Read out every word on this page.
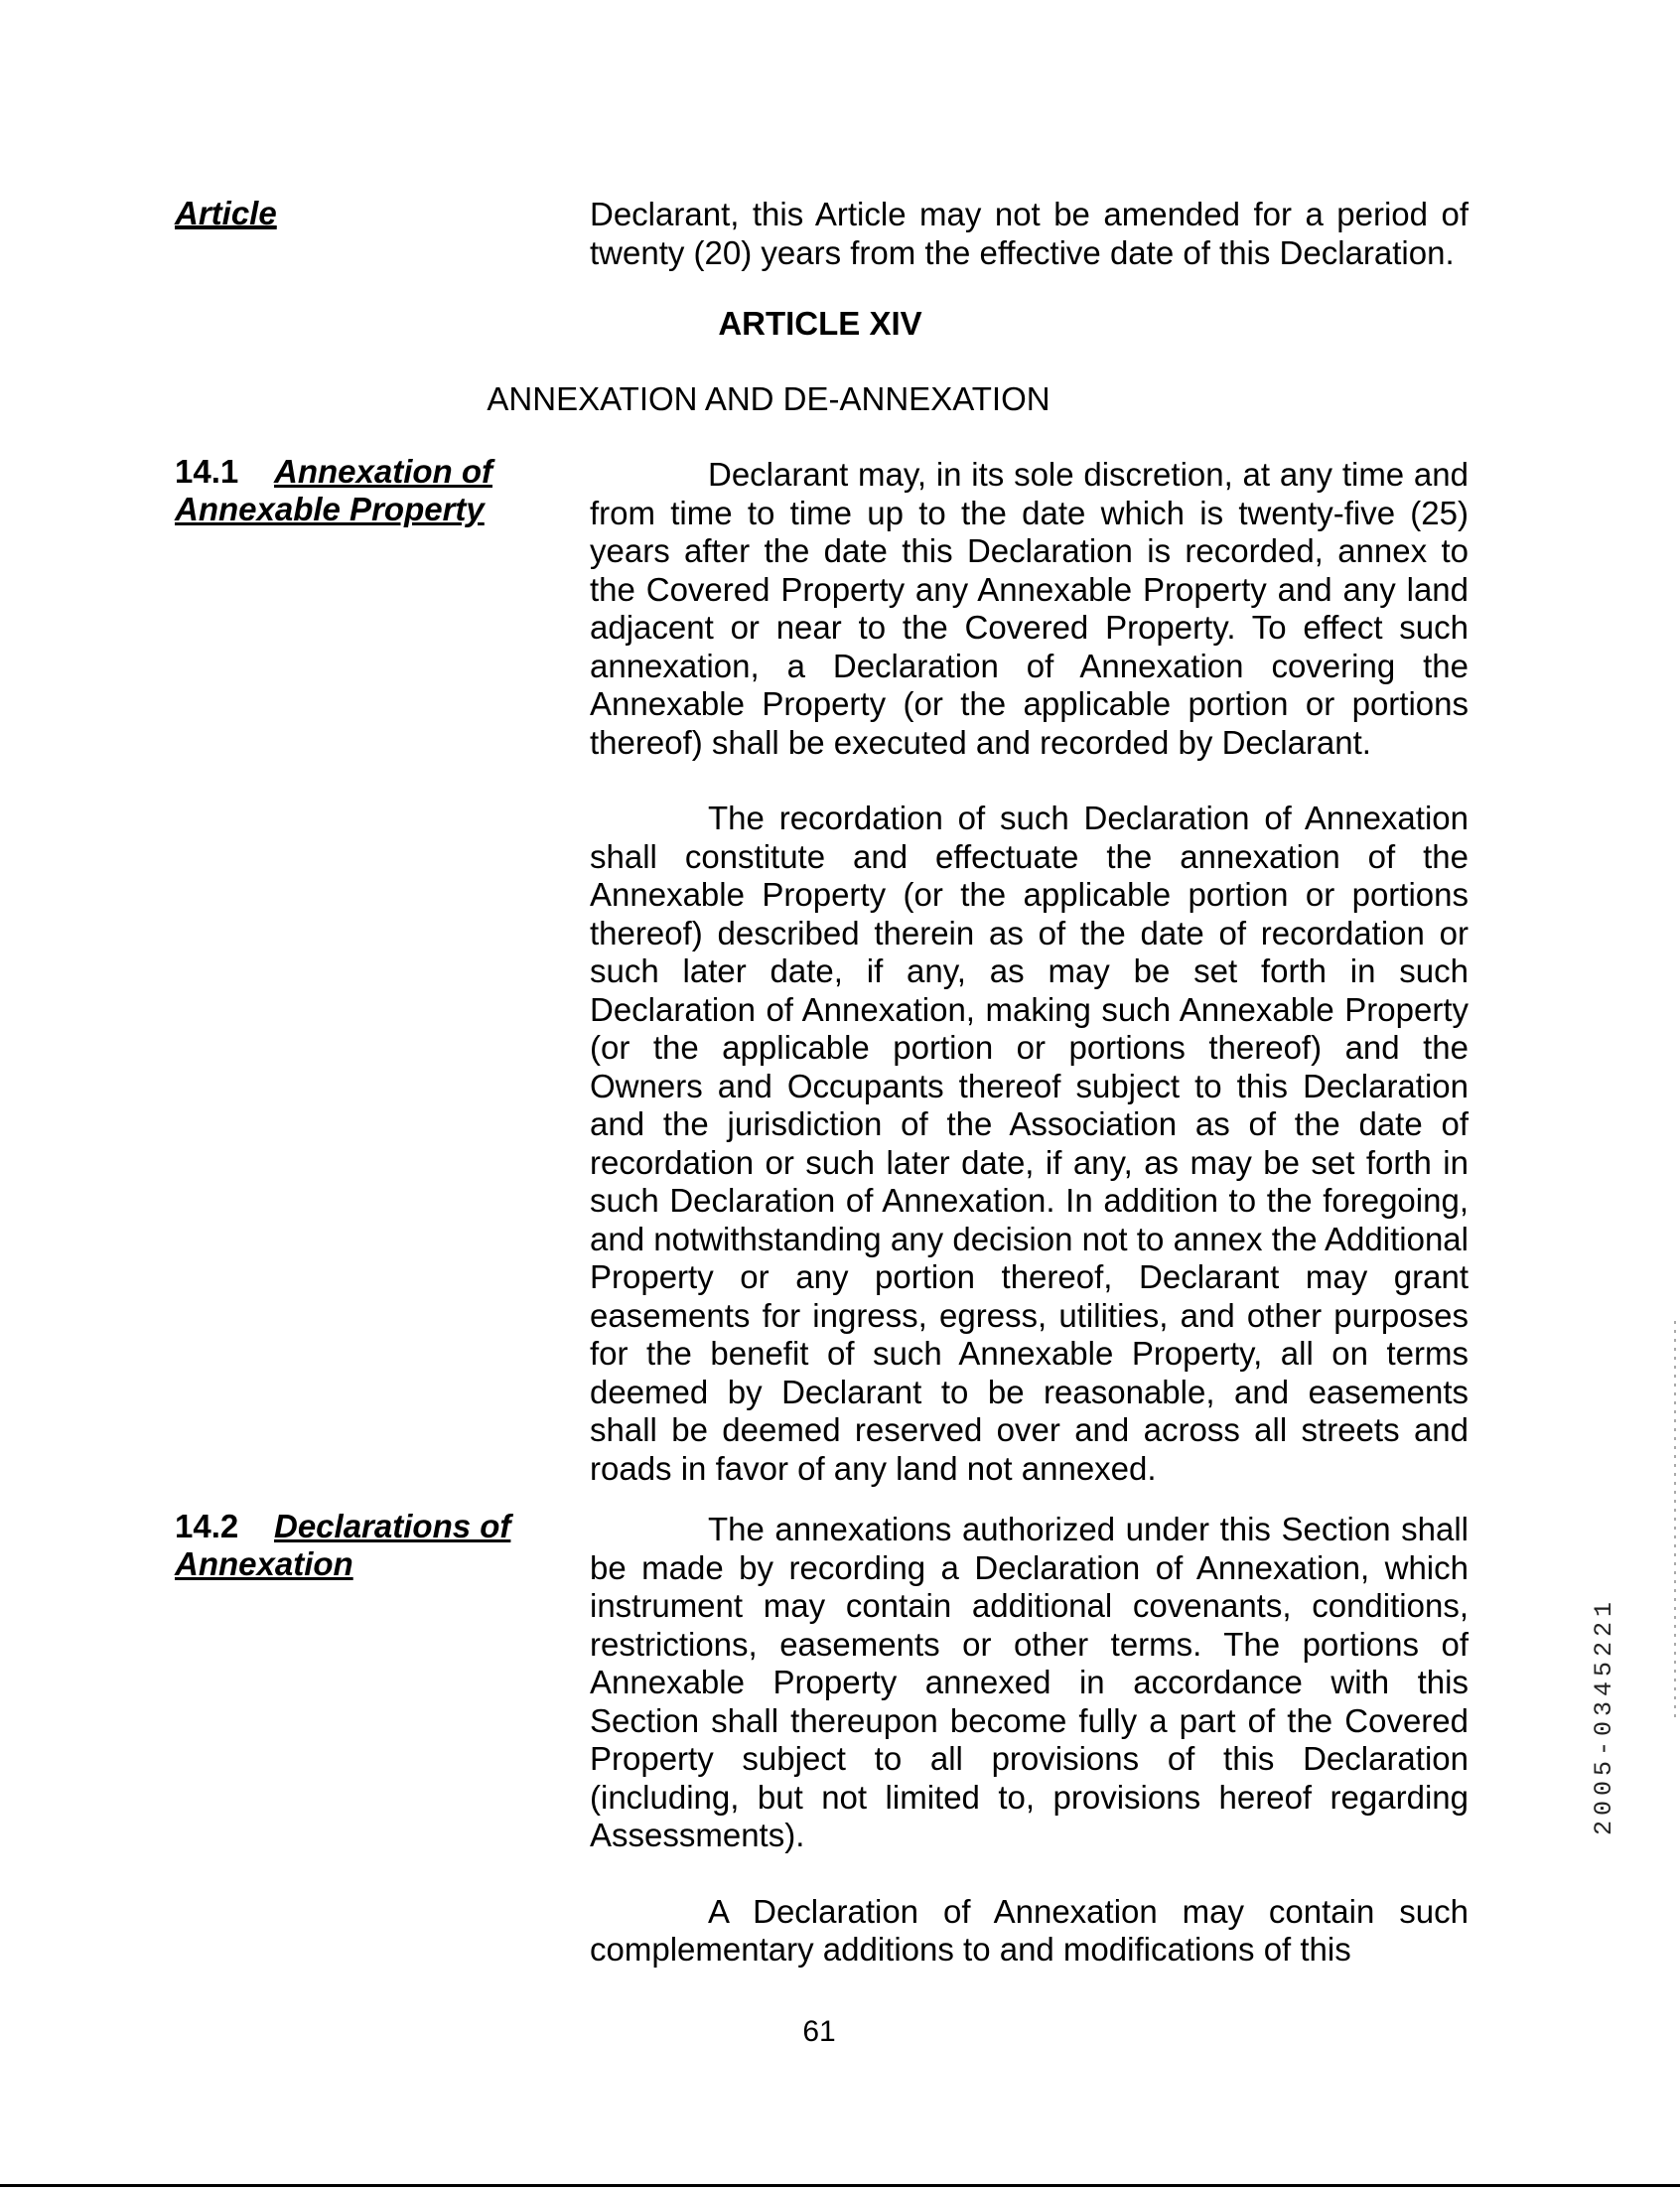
Article	Declarant, this Article may not be amended for a period of twenty (20) years from the effective date of this Declaration.

ARTICLE XIV
ANNEXATION AND DE-ANNEXATION
14.1 Annexation of
Annexable Property

Declarant may, in its sole discretion, at any time and from time to time up to the date which is twenty-five (25) years after the date this Declaration is recorded, annex to the Covered Property any Annexable Property and any land adjacent or near to the Covered Property. To effect such annexation, a Declaration of Annexation covering the Annexable Property (or the applicable portion or portions thereof) shall be executed and recorded by Declarant.

The recordation of such Declaration of Annexation shall constitute and effectuate the annexation of the Annexable Property (or the applicable portion or portions thereof) described therein as of the date of recordation or such later date, if any, as may be set forth in such Declaration of Annexation, making such Annexable Property (or the applicable portion or portions thereof) and the Owners and Occupants thereof subject to this Declaration and the jurisdiction of the Association as of the date of recordation or such later date, if any, as may be set forth in such Declaration of Annexation. In addition to the foregoing, and notwithstanding any decision not to annex the Additional Property or any portion thereof, Declarant may grant easements for ingress, egress, utilities, and other purposes for the benefit of such Annexable Property, all on terms deemed by Declarant to be reasonable, and easements shall be deemed reserved over and across all streets and roads in favor of any land not annexed.

14.2 Declarations of
Annexation

The annexations authorized under this Section shall be made by recording a Declaration of Annexation, which instrument may contain additional covenants, conditions, restrictions, easements or other terms. The portions of Annexable Property annexed in accordance with this Section shall thereupon become fully a part of the Covered Property subject to all provisions of this Declaration (including, but not limited to, provisions hereof regarding Assessments).

A Declaration of Annexation may contain such complementary additions to and modifications of this

61
2005-0345221
